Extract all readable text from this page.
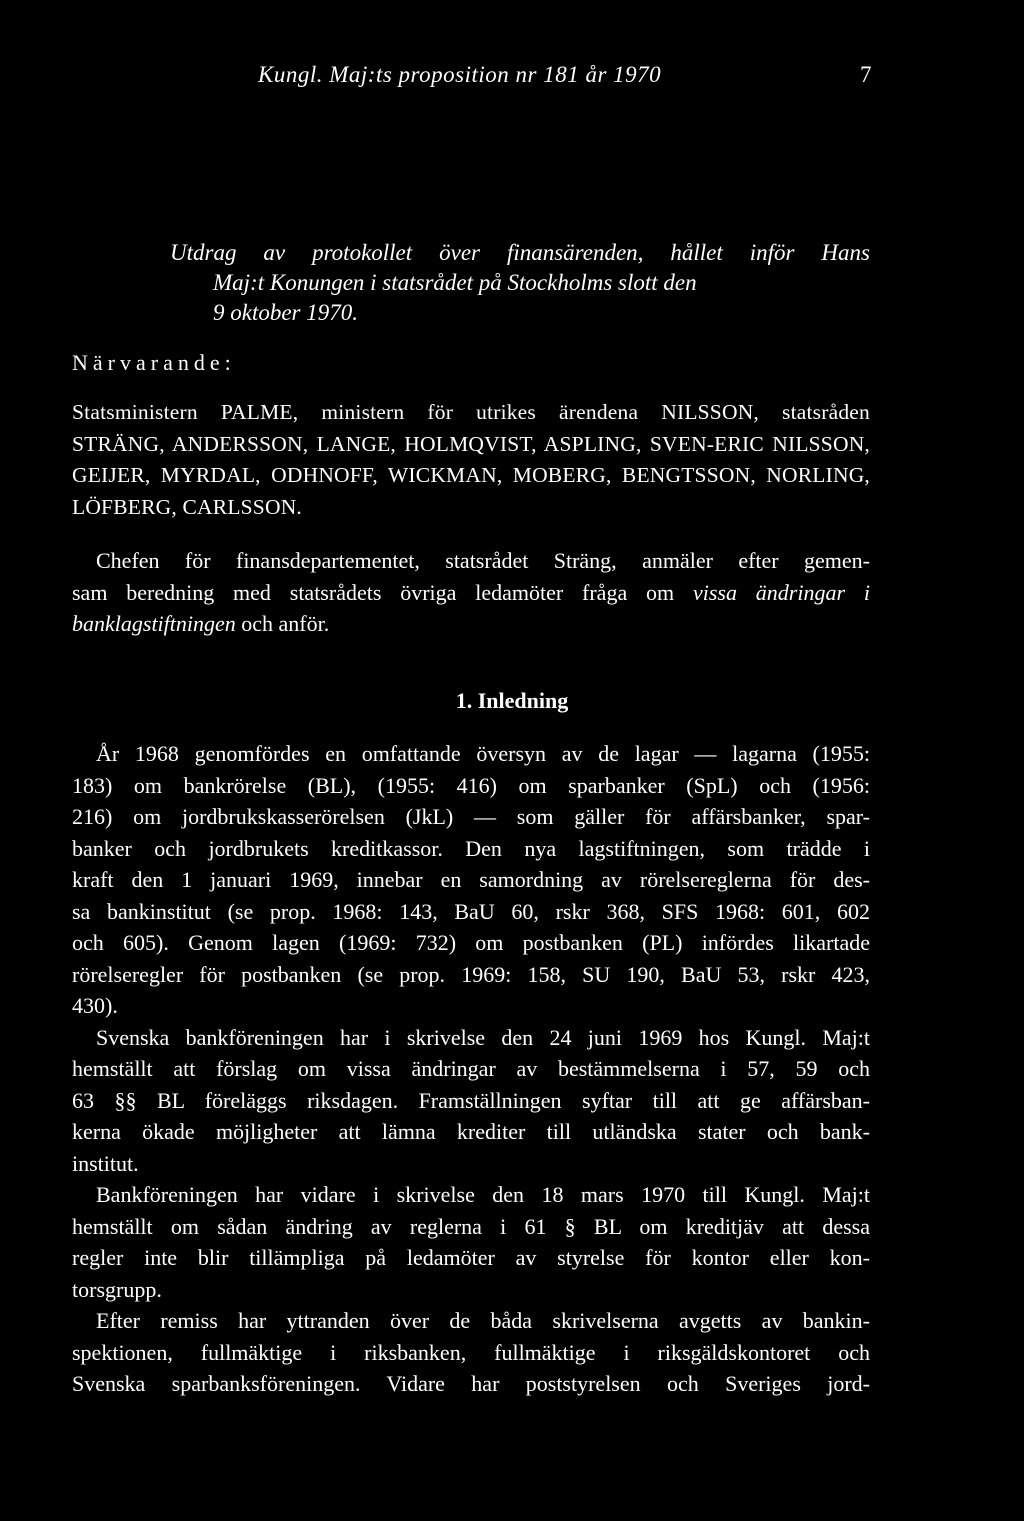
Kungl. Maj:ts proposition nr 181 år 1970	7
Utdrag av protokollet över finansärenden, hållet inför Hans
Maj:t Konungen i statsrådet på Stockholms slott den
9 oktober 1970.
Närvarande:
Statsministern PALME, ministern för utrikes ärendena NILSSON, statsråden
STRÄNG, ANDERSSON, LANGE, HOLMQVIST, ASPLING, SVEN-ERIC NILSSON,
GEIJER, MYRDAL, ODHNOFF, WICKMAN, MOBERG, BENGTSSON, NORLING,
LÖFBERG, CARLSSON.
Chefen för finansdepartementet, statsrådet Sträng, anmäler efter gemen-
sam beredning med statsrådets övriga ledamöter fråga om vissa ändringar i
banklagstiftningen och anför.
1. Inledning
År 1968 genomfördes en omfattande översyn av de lagar — lagarna (1955:
183) om bankrörelse (BL), (1955: 416) om sparbanker (SpL) och (1956:
216) om jordbrukskasserörelsen (JkL) — som gäller för affärsbanker, spar-
banker och jordbrukets kreditkassor. Den nya lagstiftningen, som trädde i
kraft den 1 januari 1969, innebar en samordning av rörelsereglerna för des-
sa bankinstitut (se prop. 1968: 143, BaU 60, rskr 368, SFS 1968: 601, 602
och 605). Genom lagen (1969: 732) om postbanken (PL) infördes likartade
rörelseregler för postbanken (se prop. 1969: 158, SU 190, BaU 53, rskr 423,
430).
Svenska bankföreningen har i skrivelse den 24 juni 1969 hos Kungl. Maj:t
hemställt att förslag om vissa ändringar av bestämmelserna i 57, 59 och
63 §§ BL föreläggs riksdagen. Framställningen syftar till att ge affärsban-
kerna ökade möjligheter att lämna krediter till utländska stater och bank-
institut.
Bankföreningen har vidare i skrivelse den 18 mars 1970 till Kungl. Maj:t
hemställt om sådan ändring av reglerna i 61 § BL om kreditjäv att dessa
regler inte blir tillämpliga på ledamöter av styrelse för kontor eller kon-
torsgrupp.
Efter remiss har yttranden över de båda skrivelserna avgetts av bankin-
spektionen, fullmäktige i riksbanken, fullmäktige i riksgäldskontoret och
Svenska sparbanksföreningen. Vidare har poststyrelsen och Sveriges jord-
